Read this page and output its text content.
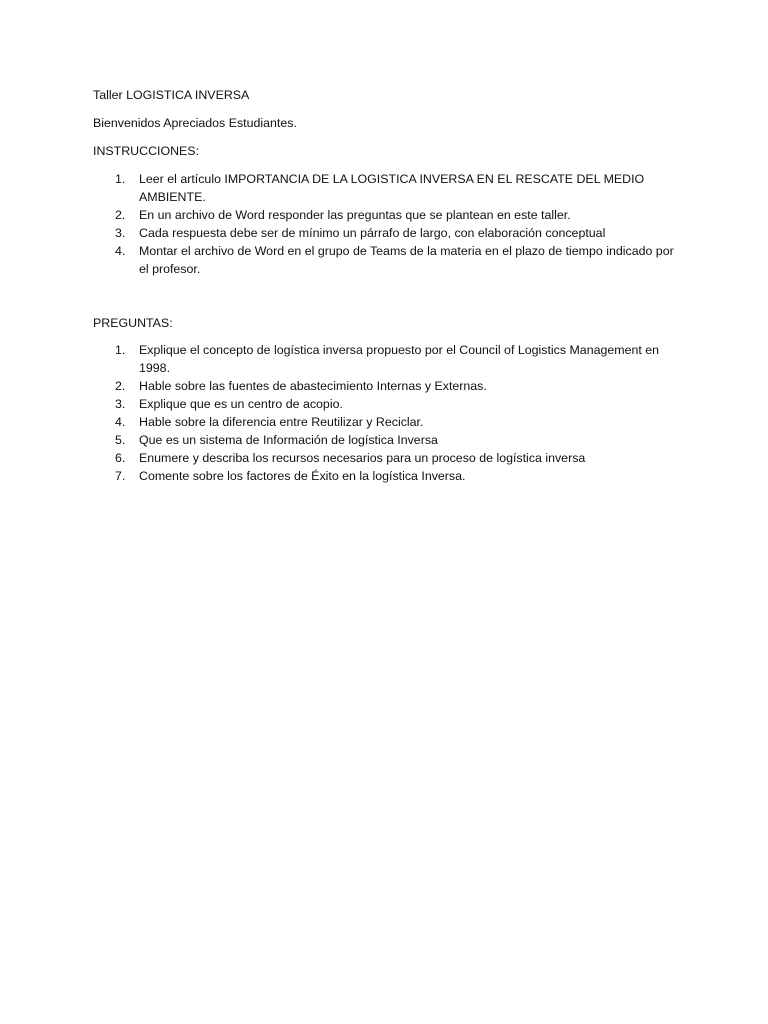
Taller LOGISTICA INVERSA

Bienvenidos Apreciados Estudiantes.

INSTRUCCIONES:

1.	Leer el artículo IMPORTANCIA DE LA LOGISTICA INVERSA EN EL RESCATE DEL MEDIO AMBIENTE.
2.	En un archivo de Word responder las preguntas que se plantean en este taller.
3.	Cada respuesta debe ser de mínimo un párrafo de largo, con elaboración conceptual
4.	Montar el archivo de Word en el grupo de Teams de la materia en el plazo de tiempo indicado por el profesor.

PREGUNTAS:

1.	Explique el concepto de logística inversa propuesto por el Council of Logistics Management en 1998.
2.	Hable sobre las fuentes de abastecimiento Internas y Externas.
3.	Explique que es un centro de acopio.
4.	Hable sobre la diferencia entre Reutilizar y Reciclar.
5.	Que es un sistema de Información de logística Inversa
6.	Enumere y describa los recursos necesarios para un proceso de logística inversa
7.	Comente sobre los factores de Éxito en la logística Inversa.
